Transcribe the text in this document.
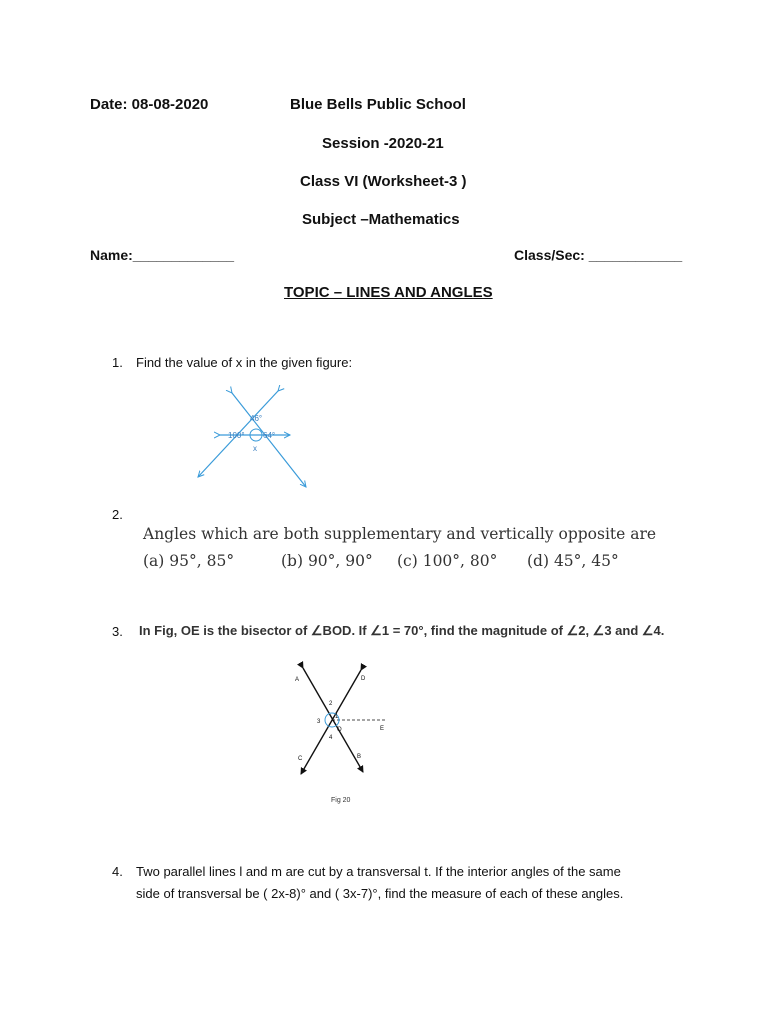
Date: 08-08-2020	Blue Bells Public School
Session -2020-21
Class VI (Worksheet-3 )
Subject –Mathematics
Name:_____________	Class/Sec: ____________
TOPIC – LINES AND ANGLES
1. Find the value of x in the given figure:
46°
100° 64°
x
2.
Angles which are both supplementary and vertically opposite are
(a) 95°, 85°	(b) 90°, 90° (c) 100°, 80° (d) 45°, 45°
3. In Fig, OE is the bisector of ∠BOD. If ∠1 = 70°, find the magnitude of ∠2, ∠3 and ∠4.
A	D
C	B
O	E
1
2
3
4
Fig 20
4. Two parallel lines l and m are cut by a transversal t. If the interior angles of the same
side of transversal be ( 2x-8)° and ( 3x-7)°, find the measure of each of these angles.
